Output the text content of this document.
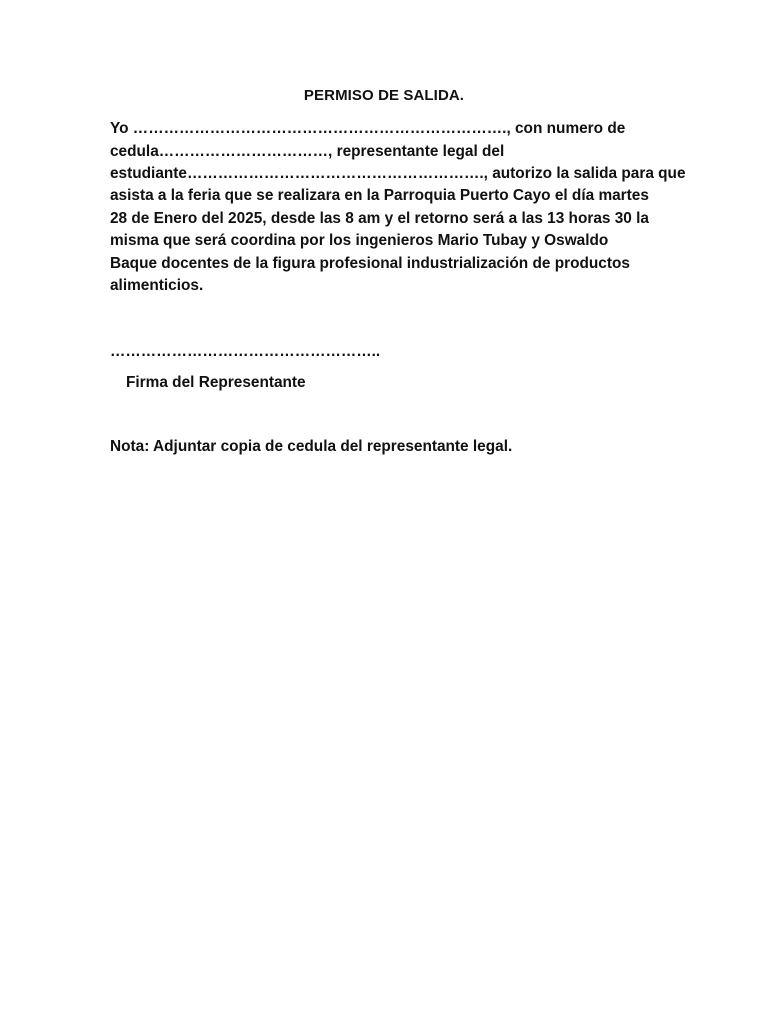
PERMISO DE SALIDA.

Yo ………………………………………………………………., con numero de

cedula……………………………, representante legal del

estudiante…………………………………………………., autorizo la salida para que

asista a la feria que se realizara en la Parroquia Puerto Cayo el día martes

28 de Enero del 2025, desde las 8 am y el retorno será a las 13 horas 30 la

misma que será coordina por los ingenieros Mario Tubay y Oswaldo

Baque docentes de la figura profesional industrialización de productos

alimenticios.

……………………………………………..

Firma del Representante

Nota: Adjuntar copia de cedula del representante legal.
